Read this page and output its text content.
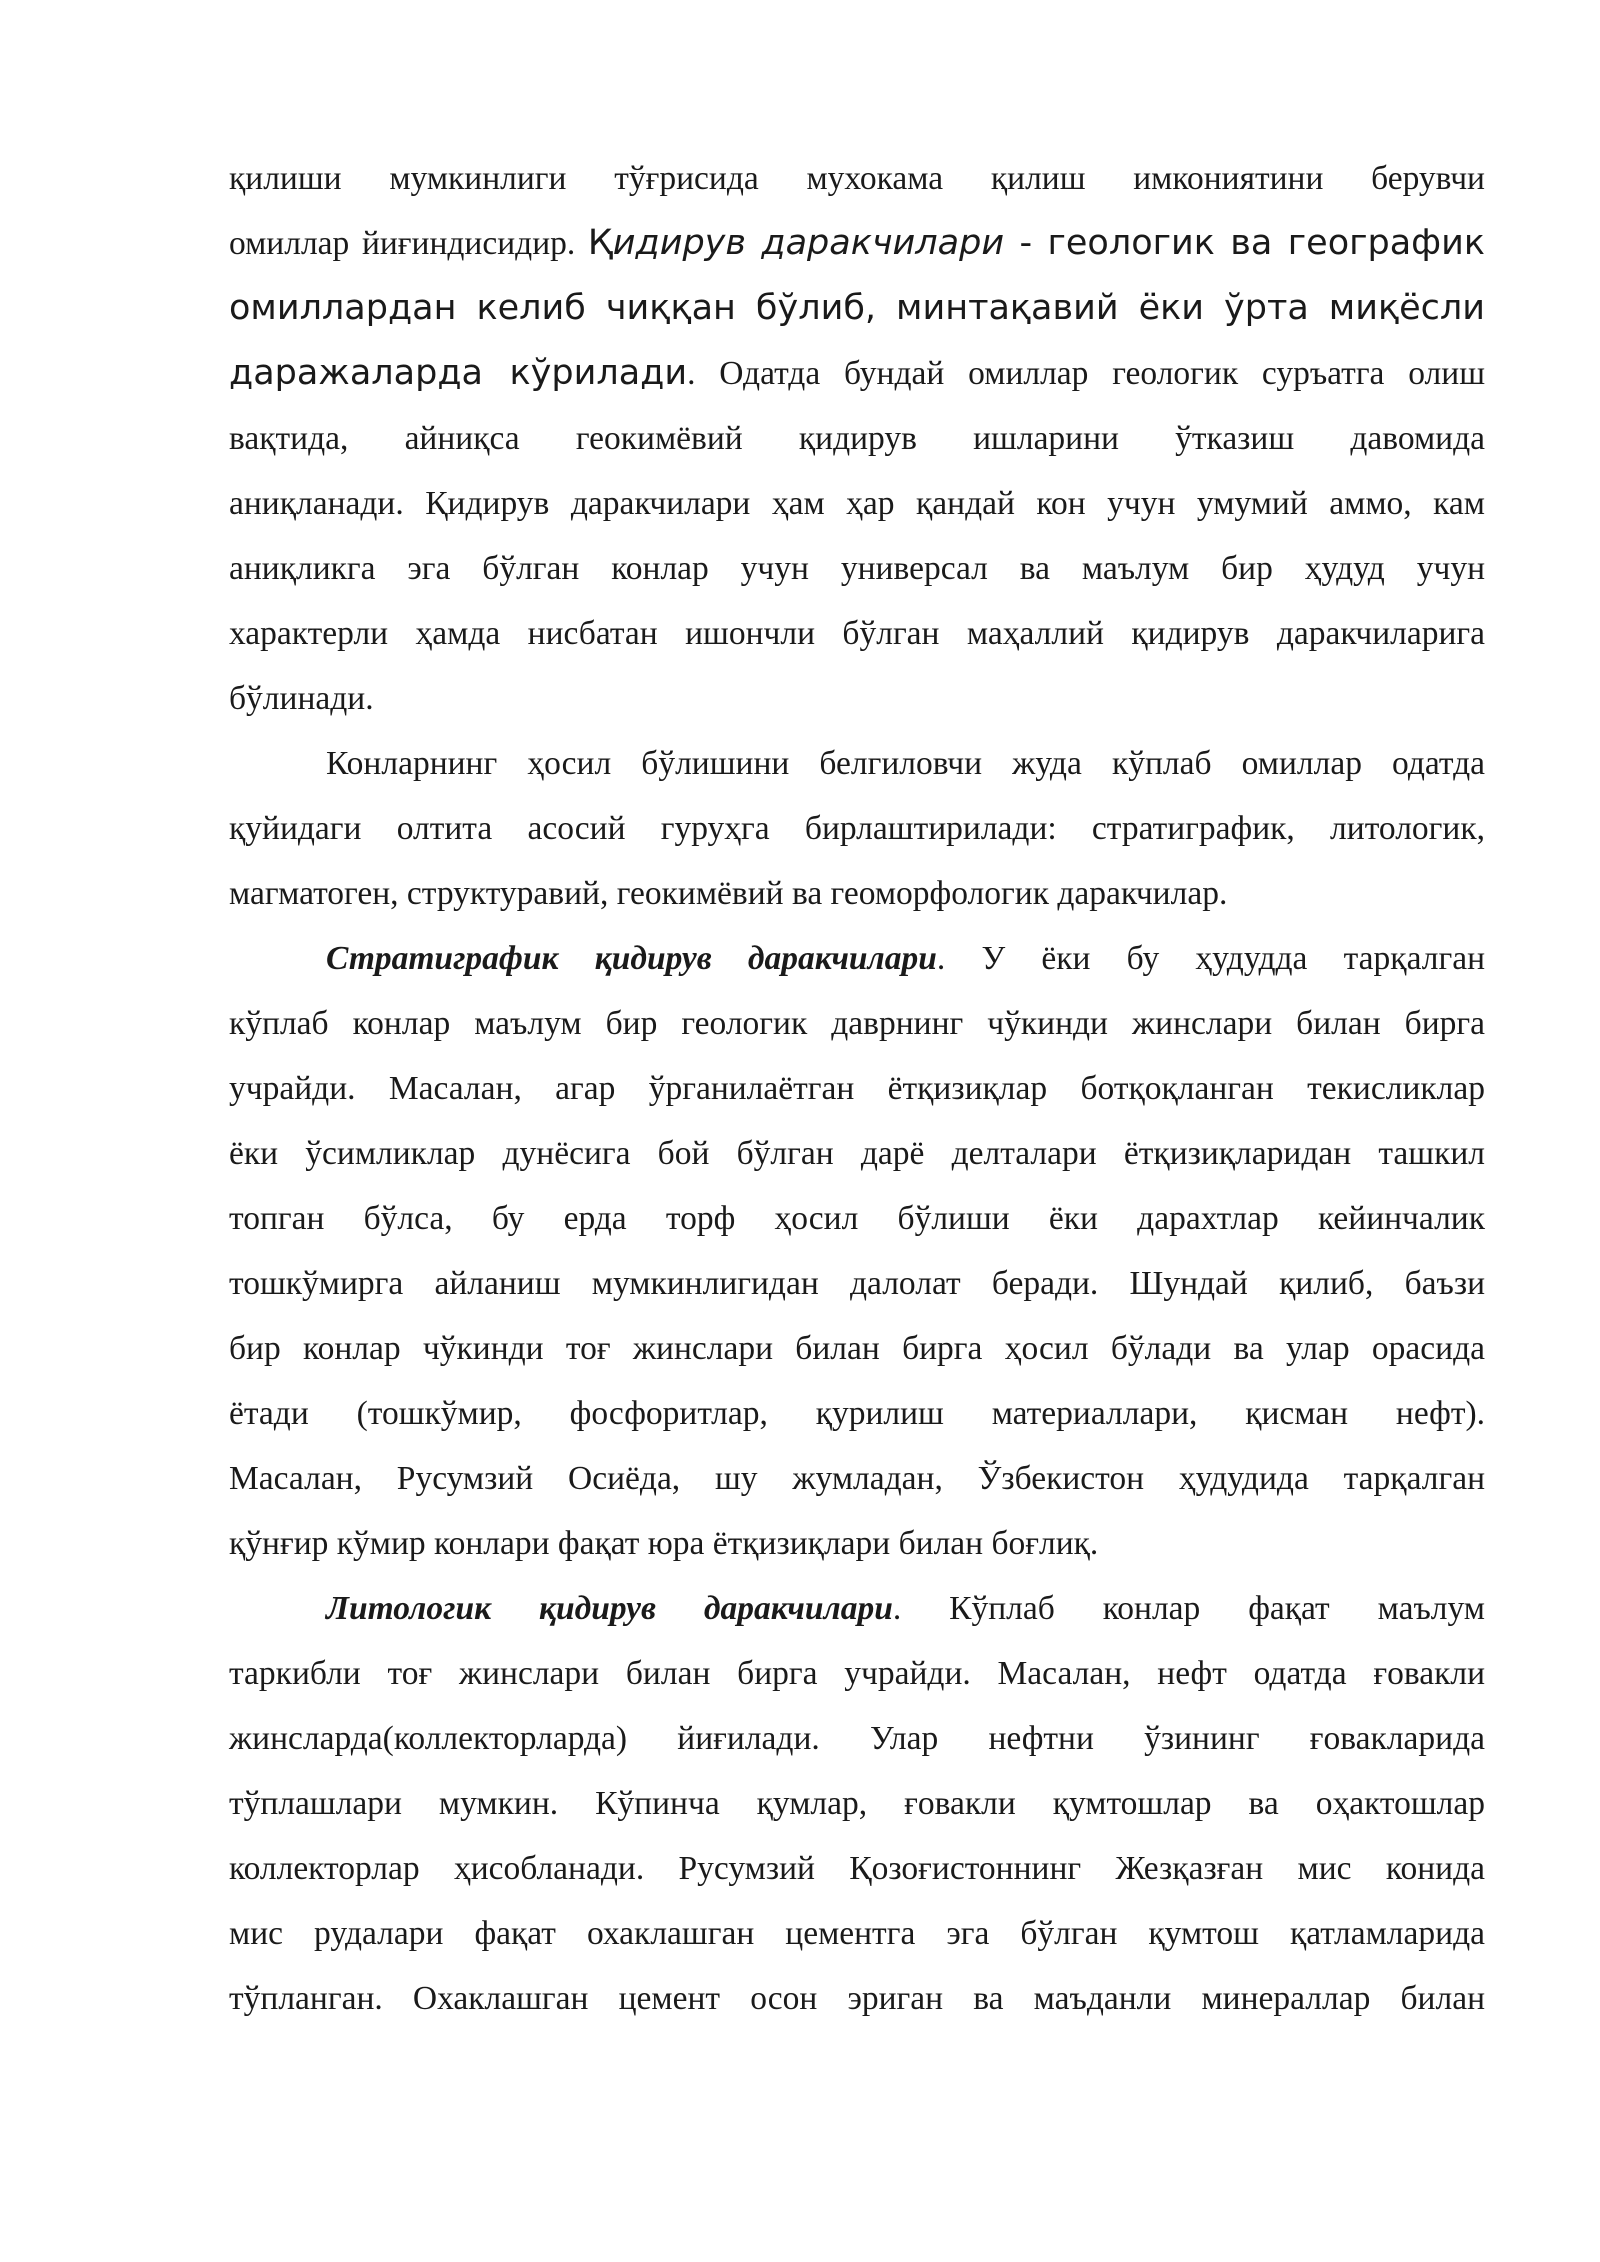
қилиши мумкинлиги тўғрисида мухокама қилиш имкониятини берувчи
омиллар йиғиндисидир. Қидирув даракчилари - геологик ва географик
омиллардан келиб чиққан бўлиб, минтақавий ёки ўрта миқёсли
даражаларда кўрилади. Одатда бундай омиллар геологик суръатга олиш
вақтида, айниқса геокимёвий қидирув ишларини ўтказиш давомида
аниқланади. Қидирув даракчилари ҳам ҳар қандай кон учун умумий аммо, кам
аниқликга эга бўлган конлар учун универсал ва маълум бир ҳудуд учун
характерли ҳамда нисбатан ишончли бўлган маҳаллий қидирув даракчиларига
бўлинади.
Конларнинг ҳосил бўлишини белгиловчи жуда кўплаб омиллар одатда
қуйидаги олтита асосий гуруҳга бирлаштирилади: стратиграфик, литологик,
магматоген, структуравий, геокимёвий ва геоморфологик даракчилар.
Стратиграфик қидирув даракчилари. У ёки бу ҳудудда тарқалган
кўплаб конлар маълум бир геологик даврнинг чўкинди жинслари билан бирга
учрайди. Масалан, агар ўрганилаётган ётқизиқлар ботқоқланган текисликлар
ёки ўсимликлар дунёсига бой бўлган дарё делталари ётқизиқларидан ташкил
топган бўлса, бу ерда торф ҳосил бўлиши ёки дарахтлар кейинчалик
тошкўмирга айланиш мумкинлигидан далолат беради. Шундай қилиб, баъзи
бир конлар чўкинди тоғ жинслари билан бирга ҳосил бўлади ва улар орасида
ётади (тошкўмир, фосфоритлар, қурилиш материаллари, қисман нефт).
Масалан, Русумзий Осиёда, шу жумладан, Ўзбекистон ҳудудида тарқалган
қўнғир кўмир конлари фақат юра ётқизиқлари билан боғлиқ.
Литологик қидирув даракчилари. Кўплаб конлар фақат маълум
таркибли тоғ жинслари билан бирга учрайди. Масалан, нефт одатда ғовакли
жинсларда(коллекторларда) йиғилади. Улар нефтни ўзининг ғовакларида
тўплашлари мумкин. Кўпинча қумлар, ғовакли қумтошлар ва оҳактошлар
коллекторлар ҳисобланади. Русумзий Қозоғистоннинг Жезқазған мис конида
мис рудалари фақат охаклашган цементга эга бўлган қумтош қатламларида
тўпланган. Охаклашган цемент осон эриган ва маъданли минераллар билан
